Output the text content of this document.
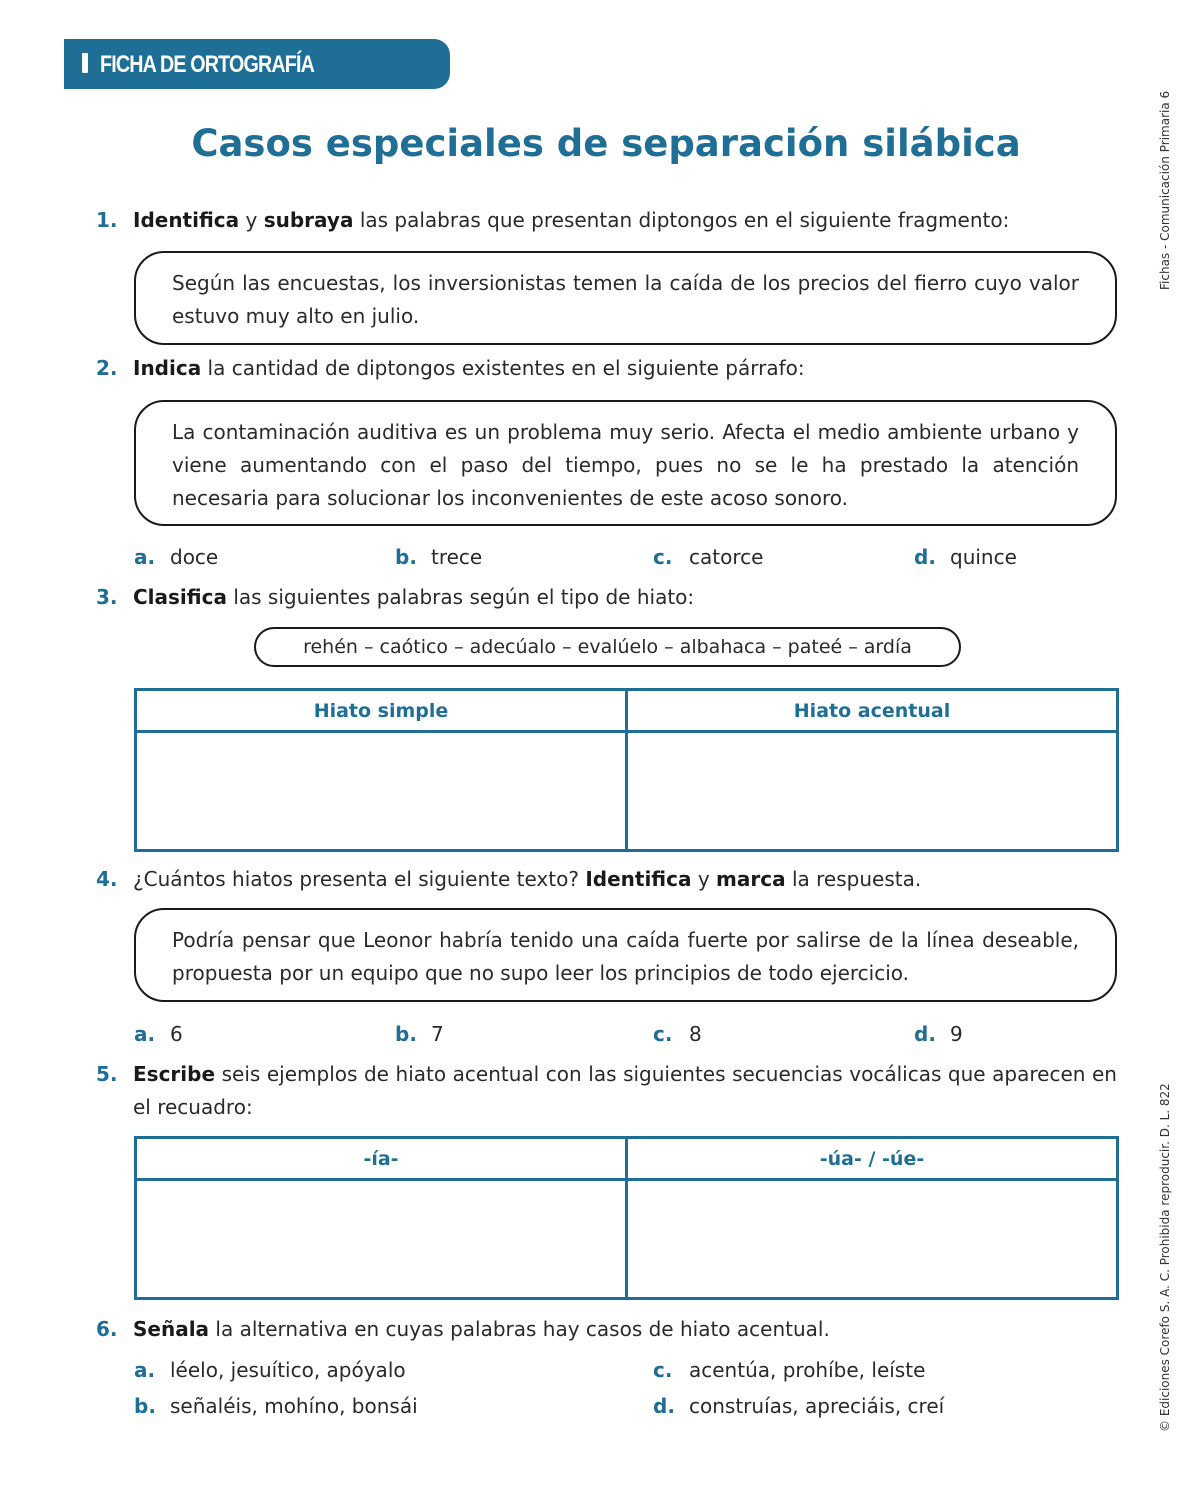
FICHA DE ORTOGRAFÍA
Casos especiales de separación silábica	Fichas - Comunicación Primaria 6
© Ediciones Corefo S. A. C. Prohibida reproducir. D. L. 822
1. Identifica y subraya las palabras que presentan diptongos en el siguiente fragmento:
Según las encuestas, los inversionistas temen la caída de los precios del fierro cuyo valor estuvo muy alto en julio.
2. Indica la cantidad de diptongos existentes en el siguiente párrafo:
La contaminación auditiva es un problema muy serio. Afecta el medio ambiente urbano y viene aumentando con el paso del tiempo, pues no se le ha prestado la atención necesaria para solucionar los inconvenientes de este acoso sonoro.
a. doce	b. trece	c. catorce	d. quince
3. Clasifica las siguientes palabras según el tipo de hiato:
rehén – caótico – adecúalo – evalúelo – albahaca – pateé – ardía
Hiato simple	Hiato acentual

4. ¿Cuántos hiatos presenta el siguiente texto? Identifica y marca la respuesta.
Podría pensar que Leonor habría tenido una caída fuerte por salirse de la línea deseable, propuesta por un equipo que no supo leer los principios de todo ejercicio.
a. 6	b. 7	c. 8	d. 9
5. Escribe seis ejemplos de hiato acentual con las siguientes secuencias vocálicas que aparecen en el recuadro:
-ía-	-úa- / -úe-

6. Señala la alternativa en cuyas palabras hay casos de hiato acentual.
a. léelo, jesuítico, apóyalo
b. señaléis, mohíno, bonsái
c. acentúa, prohíbe, leíste
d. construías, apreciáis, creí
